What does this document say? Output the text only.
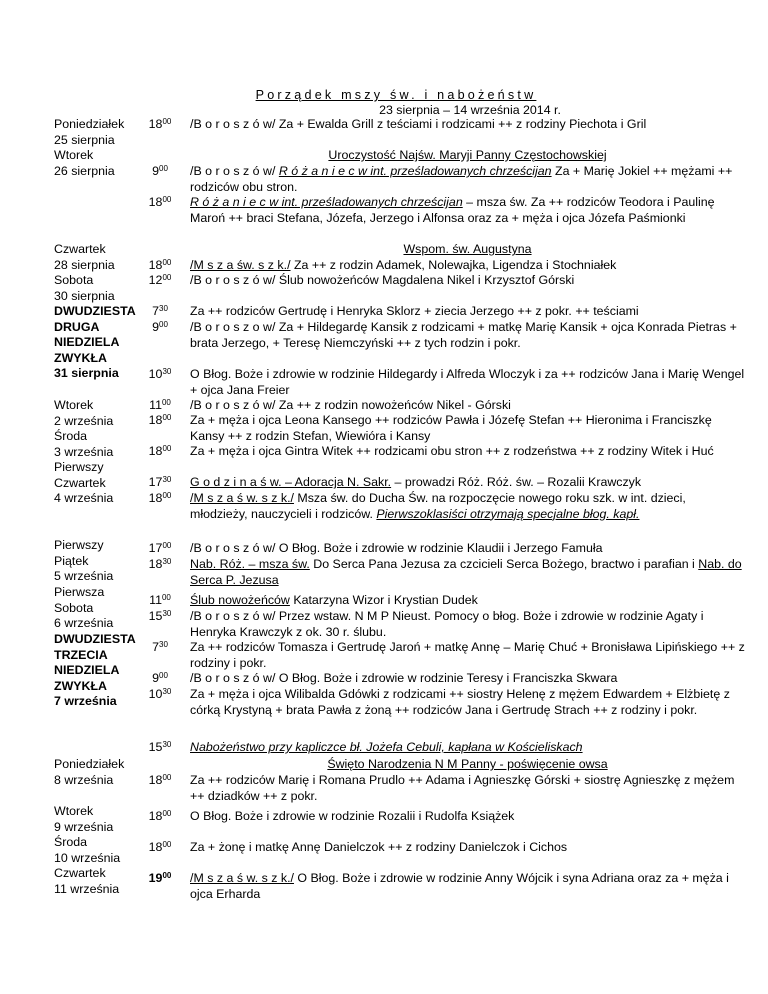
Porządek mszy św. i nabożeństw
23 sierpnia – 14 września 2014 r.
Poniedziałek
25 sierpnia
Wtorek
26 sierpnia
Czwartek
28 sierpnia
Sobota
30 sierpnia
DWUDZIESTA
DRUGA
NIEDZIELA
ZWYKŁA
31 sierpnia
Wtorek
2 września
Środa
3 września
Pierwszy
Czwartek
4 września
Pierwszy
Piątek
5 września
Pierwsza
Sobota
6 września
DWUDZIESTA
TRZECIA
NIEDZIELA
ZWYKŁA
7 września
Poniedziałek
8 września
Wtorek
9 września
Środa
10 września
Czwartek
11 września
$18^{00}$
$9^{00}$
$18^{00}$
$18^{00}$
$12^{00}$
$7^{30}$
$9^{00}$
$10^{30}$
$11^{00}$
$18^{00}$
$18^{00}$
$17^{30}$
$18^{00}$
$17^{00}$
$18^{30}$
$11^{00}$
$15^{30}$
$7^{30}$
$9^{00}$
$10^{30}$
$15^{30}$
$18^{00}$
$18^{00}$
$18^{00}$
$19^{00}$
/B o r o s z ó w/ Za + Ewalda Grill z teściami i rodzicami ++ z rodziny Piechota i Gril
Uroczystość Najśw. Maryji Panny Częstochowskiej
/B o r o s z ó w/ R ó ż a n i e c w int. prześladowanych chrześcijan Za + Marię Jokiel ++ mężami ++ rodziców obu stron.
R ó ż a n i e c w int. prześladowanych chrześcijan – msza św. Za ++ rodziców Teodora i Paulinę Maroń ++ braci Stefana, Józefa, Jerzego i Alfonsa oraz za + męża i ojca Józefa Paśmionki
Wspom. św. Augustyna
/M s z a św. s z k./ Za ++ z rodzin Adamek, Nolewajka, Ligendza i Stochniałek
/B o r o s z ó w/ Ślub nowożeńców Magdalena Nikel i Krzysztof Górski
Za ++ rodziców Gertrudę i Henryka Sklorz + ziecia Jerzego ++ z pokr. ++ teściami
/B o r o s z o w/ Za + Hildegardę Kansik z rodzicami + matkę Marię Kansik + ojca Konrada Pietras + brata Jerzego, + Teresę Niemczyński ++ z tych rodzin i pokr.
O Błog. Boże i zdrowie w rodzinie Hildegardy i Alfreda Wloczyk i za ++ rodziców Jana i Marię Wengel + ojca Jana Freier
/B o r o s z ó w/ Za ++ z rodzin nowożeńców Nikel - Górski
Za + męża i ojca Leona Kansego ++ rodziców Pawła i Józefę Stefan ++ Hieronima i Franciszkę Kansy ++ z rodzin Stefan, Wiewióra i Kansy
Za + męża i ojca Gintra Witek ++ rodzicami obu stron ++ z rodzeństwa ++ z rodziny Witek i Huć
G o d z i n a ś w. – Adoracja N. Sakr. – prowadzi Róż. Róż. św. – Rozalii Krawczyk
/M s z a ś w. s z k./ Msza św. do Ducha Św. na rozpoczęcie nowego roku szk. w int. dzieci, młodzieży, nauczycieli i rodziców. Pierwszoklasiści otrzymają specjalne błog. kapł.
/B o r o s z ó w/ O Błog. Boże i zdrowie w rodzinie Klaudii i Jerzego Famuła
Nab. Róż. – msza św. Do Serca Pana Jezusa za czcicieli Serca Bożego, bractwo i parafian i Nab. do Serca P. Jezusa
Ślub nowożeńców Katarzyna Wizor i Krystian Dudek
/B o r o s z ó w/ Przez wstaw. N M P Nieust. Pomocy o błog. Boże i zdrowie w rodzinie Agaty i Henryka Krawczyk z ok. 30 r. ślubu.
Za ++ rodziców Tomasza i Gertrudę Jaroń + matkę Annę – Marię Chuć + Bronisława Lipińskiego ++ z rodziny i pokr.
/B o r o s z ó w/ O Błog. Boże i zdrowie w rodzinie Teresy i Franciszka Skwara
Za + męża i ojca Wilibalda Gdówki z rodzicami ++ siostry Helenę z mężem Edwardem + Elżbietę z córką Krystyną + brata Pawła z żoną ++ rodziców Jana i Gertrudę Strach ++ z rodziny i pokr.
Nabożeństwo przy kapliczce bł. Jożefa Cebuli, kapłana w Kościeliskach
Święto Narodzenia N M Panny - poświęcenie owsa
Za ++ rodziców Marię i Romana Prudlo ++ Adama i Agnieszkę Górski + siostrę Agnieszkę z mężem ++ dziadków ++ z pokr.
O Błog. Boże i zdrowie w rodzinie Rozalii i Rudolfa Książek
Za + żonę i matkę Annę Danielczok ++ z rodziny Danielczok i Cichos
/M s z a ś w. s z k./ O Błog. Boże i zdrowie w rodzinie Anny Wójcik i syna Adriana oraz za + męża i ojca Erharda
